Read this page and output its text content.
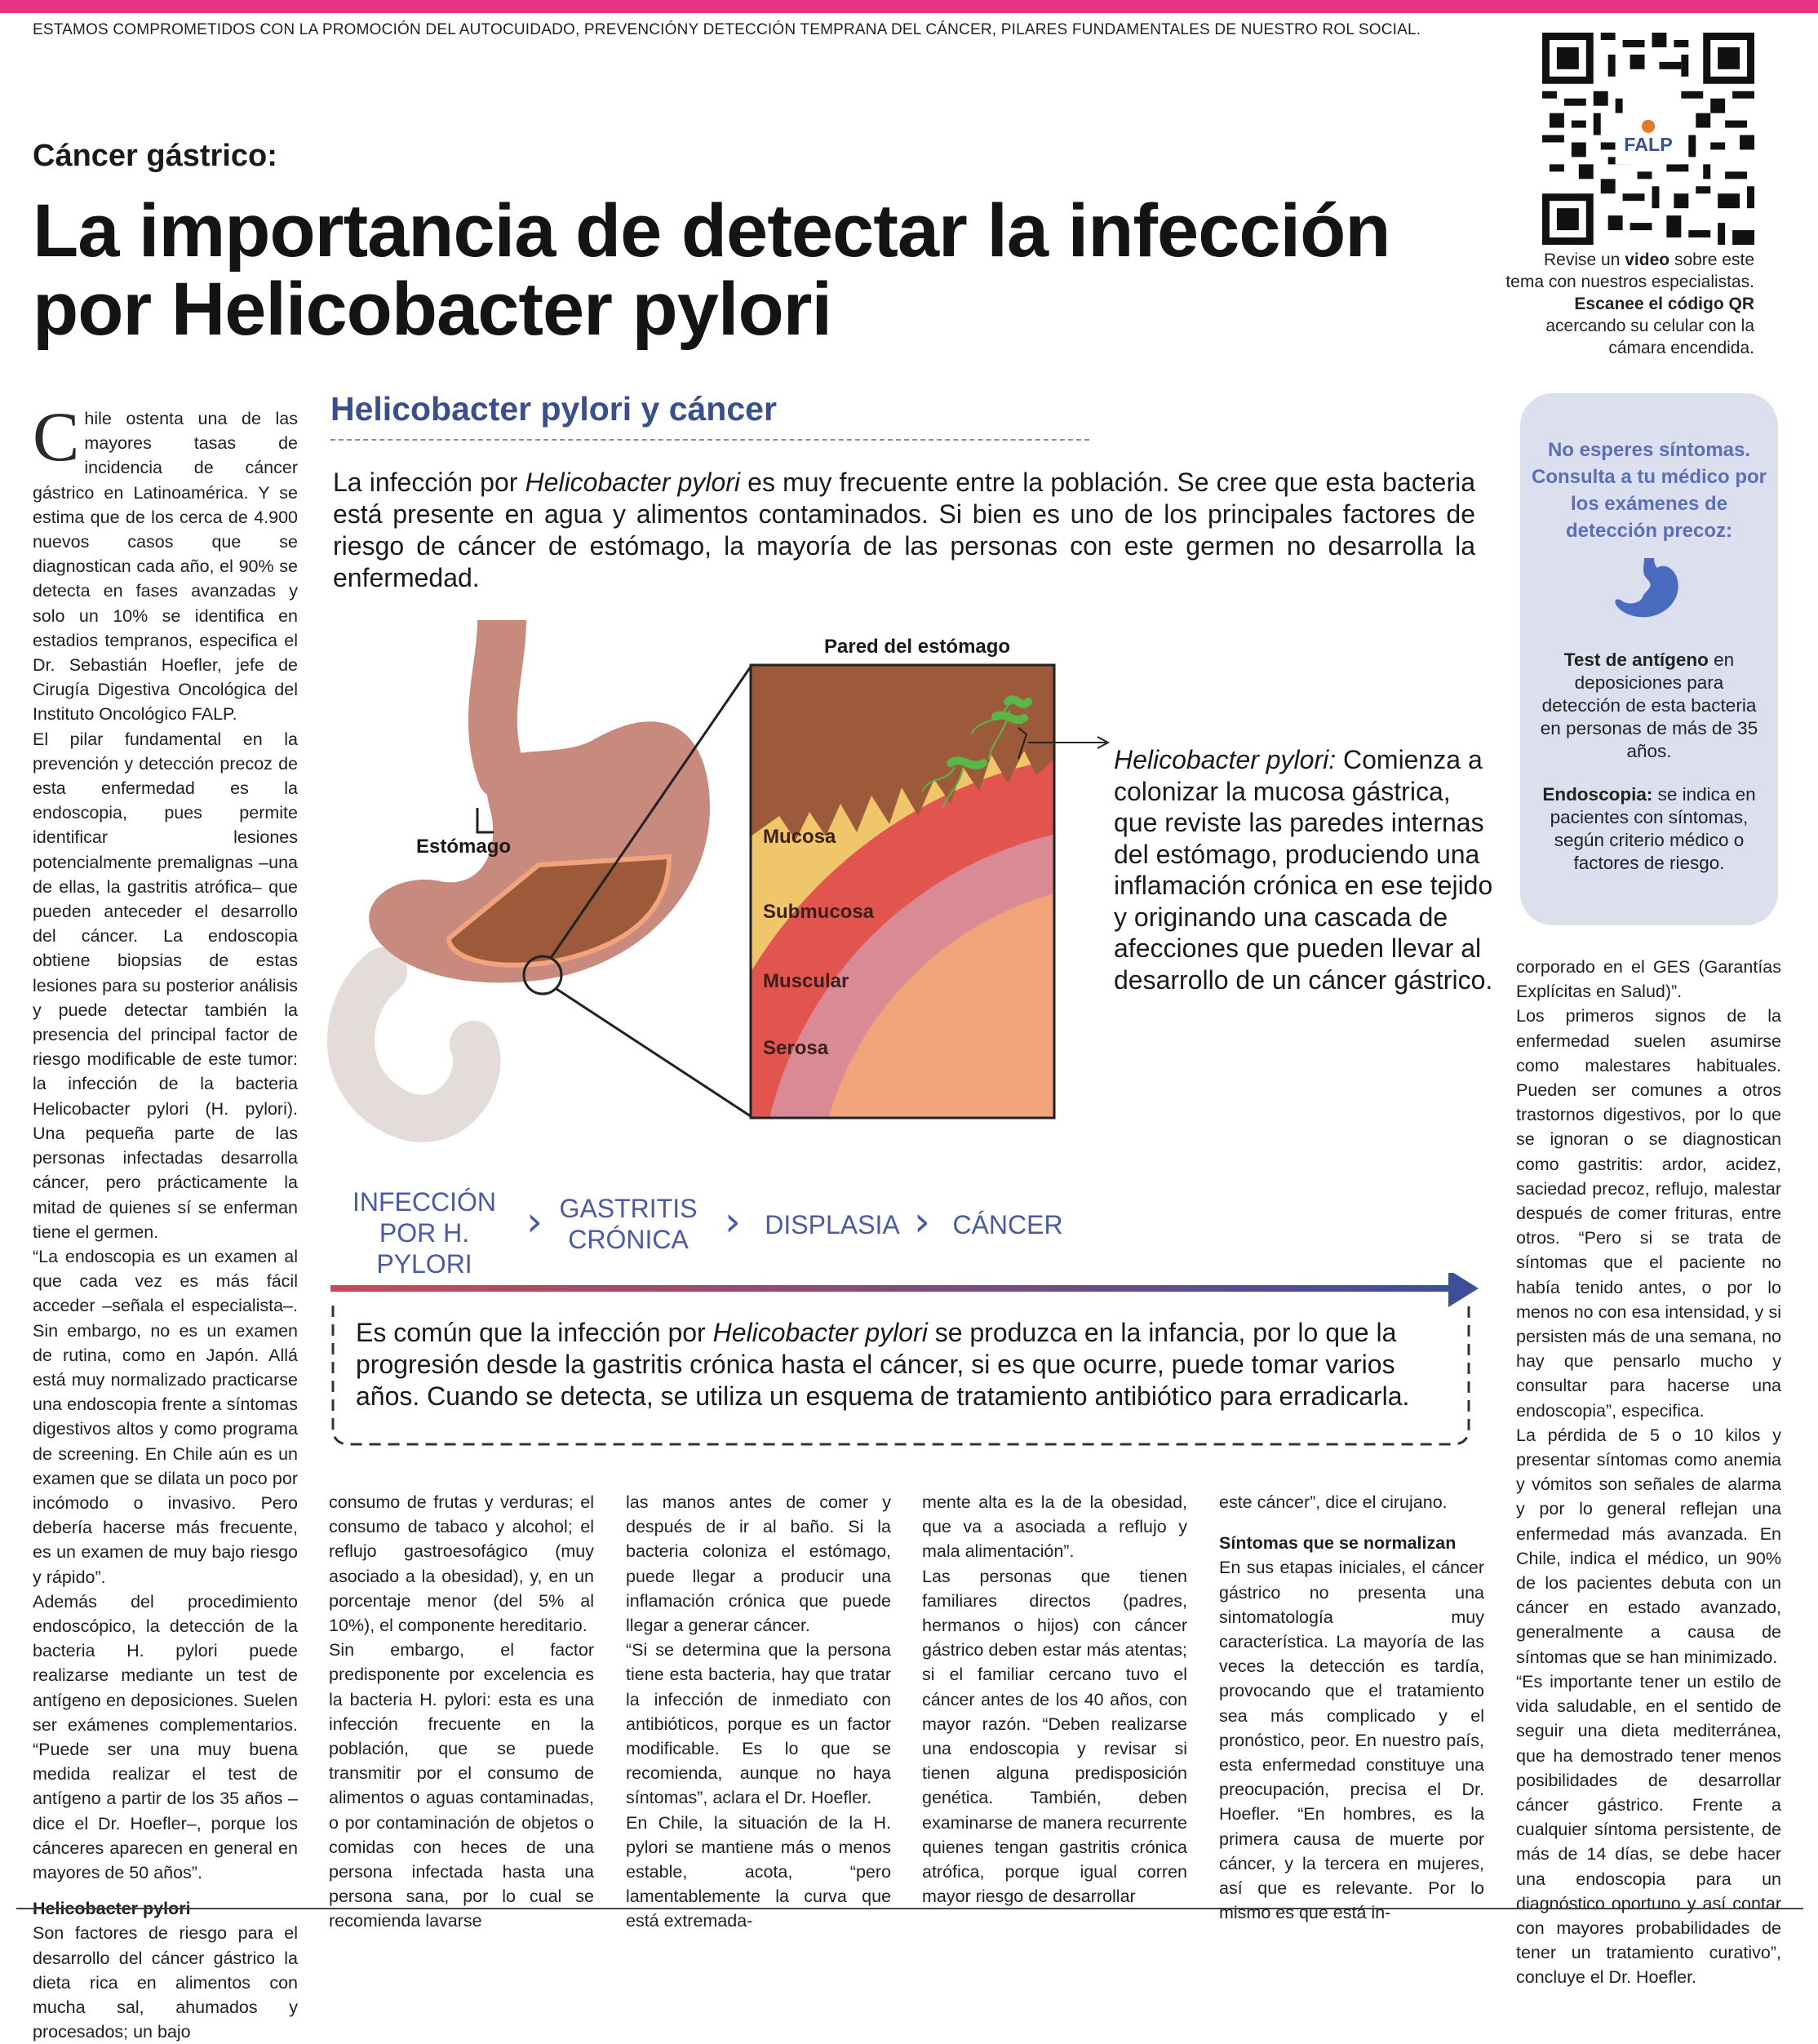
ESTAMOS COMPROMETIDOS CON LA PROMOCIÓN DEL AUTOCUIDADO, PREVENCIÓNY DETECCIÓN TEMPRANA DEL CÁNCER, PILARES FUNDAMENTALES DE NUESTRO ROL SOCIAL.
Cáncer gástrico:
La importancia de detectar la infección
por Helicobacter pylori
FALP
Revise un video sobre este tema con nuestros especialistas. Escanee el código QR acercando su celular con la cámara encendida.

Chile ostenta una de las mayores tasas de incidencia de cáncer gástrico en Latinoamérica. Y se estima que de los cerca de 4.900 nuevos casos que se diagnostican cada año, el 90% se detecta en fases avanzadas y solo un 10% se identifica en estadios tempranos, especifica el Dr. Sebastián Hoefler, jefe de Cirugía Digestiva Oncológica del Instituto Oncológico FALP.

El pilar fundamental en la prevención y detección precoz de esta enfermedad es la endoscopia, pues permite identificar lesiones potencialmente premalignas –una de ellas, la gastritis atrófica– que pueden anteceder el desarrollo del cáncer. La endoscopia obtiene biopsias de estas lesiones para su posterior análisis y puede detectar también la presencia del principal factor de riesgo modificable de este tumor: la infección de la bacteria Helicobacter pylori (H. pylori). Una pequeña parte de las personas infectadas desarrolla cáncer, pero prácticamente la mitad de quienes sí se enferman tiene el germen.

“La endoscopia es un examen al que cada vez es más fácil acceder –señala el especialista–. Sin embargo, no es un examen de rutina, como en Japón. Allá está muy normalizado practicarse una endoscopia frente a síntomas digestivos altos y como programa de screening. En Chile aún es un examen que se dilata un poco por incómodo o invasivo. Pero debería hacerse más frecuente, es un examen de muy bajo riesgo y rápido”.

Además del procedimiento endoscópico, la detección de la bacteria H. pylori puede realizarse mediante un test de antígeno en deposiciones. Suelen ser exámenes complementarios. “Puede ser una muy buena medida realizar el test de antígeno a partir de los 35 años –dice el Dr. Hoefler–, porque los cánceres aparecen en general en mayores de 50 años”.

Helicobacter pylori

Son factores de riesgo para el desarrollo del cáncer gástrico la dieta rica en alimentos con mucha sal, ahumados y procesados; un bajo

consumo de frutas y verduras; el consumo de tabaco y alcohol; el reflujo gastroesofágico (muy asociado a la obesidad), y, en un porcentaje menor (del 5% al 10%), el componente hereditario.
Sin embargo, el factor predisponente por excelencia es la bacteria H. pylori: esta es una infección frecuente en la población, que se puede transmitir por el consumo de alimentos o aguas contaminadas, o por contaminación de objetos o comidas con heces de una persona infectada hasta una persona sana, por lo cual se recomienda lavarse
las manos antes de comer y después de ir al baño. Si la bacteria coloniza el estómago, puede llegar a producir una inflamación crónica que puede llegar a generar cáncer.
“Si se determina que la persona tiene esta bacteria, hay que tratar la infección de inmediato con antibióticos, porque es un factor modificable. Es lo que se recomienda, aunque no haya síntomas”, aclara el Dr. Hoefler.
En Chile, la situación de la H. pylori se mantiene más o menos estable, acota, “pero lamentablemente la curva que está extremada-
mente alta es la de la obesidad, que va a asociada a reflujo y mala alimentación”.
Las personas que tienen familiares directos (padres, hermanos o hijos) con cáncer gástrico deben estar más atentas; si el familiar cercano tuvo el cáncer antes de los 40 años, con mayor razón. “Deben realizarse una endoscopia y revisar si tienen alguna predisposición genética. También, deben examinarse de manera recurrente quienes tengan gastritis crónica atrófica, porque igual corren mayor riesgo de desarrollar

este cáncer”, dice el cirujano.

Síntomas que se normalizan

En sus etapas iniciales, el cáncer gástrico no presenta una sintomatología muy característica. La mayoría de las veces la detección es tardía, provocando que el tratamiento sea más complicado y el pronóstico, peor. En nuestro país, esta enfermedad constituye una preocupación, precisa el Dr. Hoefler. “En hombres, es la primera causa de muerte por cáncer, y la tercera en mujeres, así que es relevante. Por lo mismo es que está in-

corporado en el GES (Garantías Explícitas en Salud)”.
Los primeros signos de la enfermedad suelen asumirse como malestares habituales. Pueden ser comunes a otros trastornos digestivos, por lo que se ignoran o se diagnostican como gastritis: ardor, acidez, saciedad precoz, reflujo, malestar después de comer frituras, entre otros. “Pero si se trata de síntomas que el paciente no había tenido antes, o por lo menos no con esa intensidad, y si persisten más de una semana, no hay que pensarlo mucho y consultar para hacerse una endoscopia”, especifica.
La pérdida de 5 o 10 kilos y presentar síntomas como anemia y vómitos son señales de alarma y por lo general reflejan una enfermedad más avanzada. En Chile, indica el médico, un 90% de los pacientes debuta con un cáncer en estado avanzado, generalmente a causa de síntomas que se han minimizado.
“Es importante tener un estilo de vida saludable, en el sentido de seguir una dieta mediterránea, que ha demostrado tener menos posibilidades de desarrollar cáncer gástrico. Frente a cualquier síntoma persistente, de más de 14 días, se debe hacer una endoscopia para un diagnóstico oportuno y así contar con mayores probabilidades de tener un tratamiento curativo”, concluye el Dr. Hoefler.
Helicobacter pylori y cáncer
La infección por Helicobacter pylori es muy frecuente entre la población. Se cree que esta bacteria está presente en agua y alimentos contaminados. Si bien es uno de los principales factores de riesgo de cáncer de estómago, la mayoría de las personas con este germen no desarrolla la enfermedad.
Estómago
Pared del estómago
Mucosa
Submucosa
Muscular
Serosa
Helicobacter pylori: Comienza a colonizar la mucosa gástrica, que reviste las paredes internas del estómago, produciendo una inflamación crónica en ese tejido y originando una cascada de afecciones que pueden llevar al desarrollo de un cáncer gástrico.
INFECCIÓN
POR H. PYLORI
› GASTRITIS
CRÓNICA › DISPLASIA › CÁNCER
Es común que la infección por Helicobacter pylori se produzca en la infancia, por lo que la progresión desde la gastritis crónica hasta el cáncer, si es que ocurre, puede tomar varios años. Cuando se detecta, se utiliza un esquema de tratamiento antibiótico para erradicarla.
No esperes síntomas. Consulta a tu médico por los exámenes de detección precoz:
Test de antígeno en deposiciones para detección de esta bacteria en personas de más de 35 años.
Endoscopia: se indica en pacientes con síntomas, según criterio médico o factores de riesgo.
